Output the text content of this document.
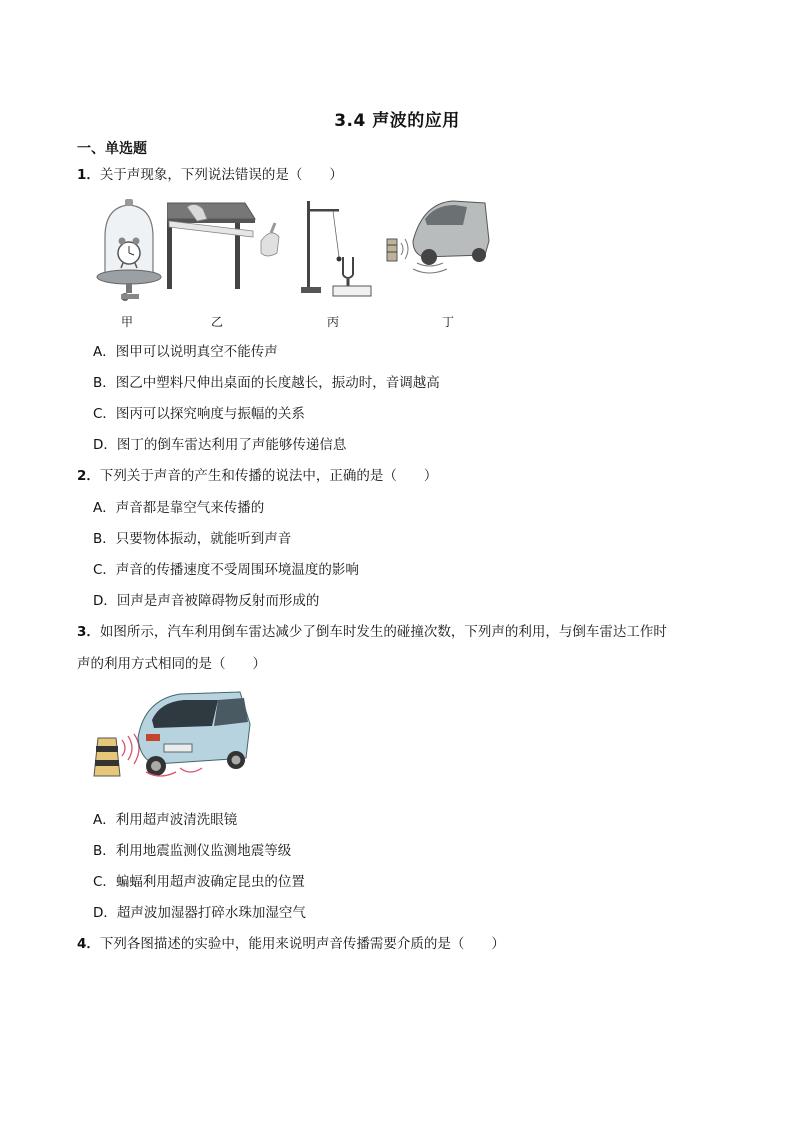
3.4 声波的应用
一、单选题
1．关于声现象，下列说法错误的是（　　）
甲	乙	丙	丁
A．图甲可以说明真空不能传声
B．图乙中塑料尺伸出桌面的长度越长，振动时，音调越高
C．图丙可以探究响度与振幅的关系
D．图丁的倒车雷达利用了声能够传递信息
2．下列关于声音的产生和传播的说法中，正确的是（　　）
A．声音都是靠空气来传播的
B．只要物体振动，就能听到声音
C．声音的传播速度不受周围环境温度的影响
D．回声是声音被障碍物反射而形成的
3．如图所示，汽车利用倒车雷达减少了倒车时发生的碰撞次数，下列声的利用，与倒车雷达工作时
声的利用方式相同的是（　　）
A．利用超声波清洗眼镜
B．利用地震监测仪监测地震等级
C．蝙蝠利用超声波确定昆虫的位置
D．超声波加湿器打碎水珠加湿空气
4．下列各图描述的实验中，能用来说明声音传播需要介质的是（　　）
